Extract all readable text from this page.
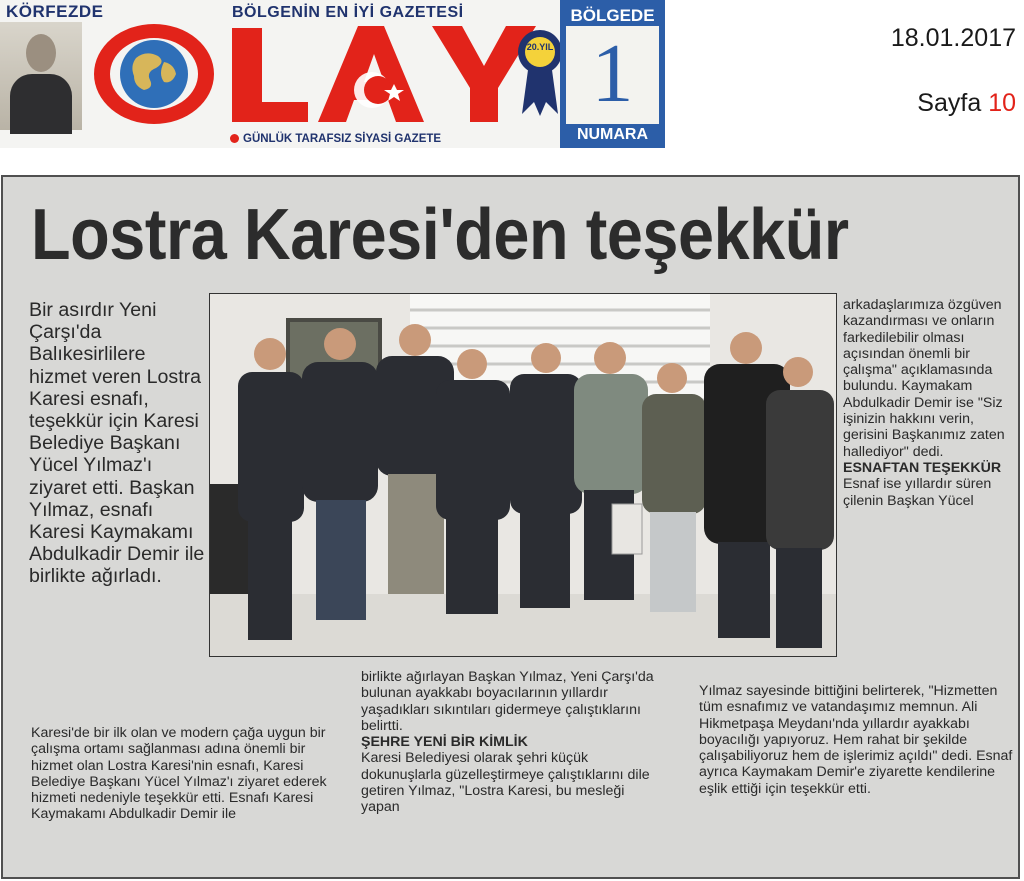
KÖRFEZDE	BÖLGENİN EN İYİ GAZETESİ
20.YIL
GÜNLÜK TARAFSIZ SİYASİ GAZETE
BÖLGEDE
1
NUMARA
18.01.2017
Sayfa 10
Lostra Karesi'den teşekkür
Bir asırdır Yeni Çarşı'da Balıkesirlilere hizmet veren Lostra Karesi esnafı, teşekkür için Karesi Belediye Başkanı Yücel Yılmaz'ı ziyaret etti. Başkan Yılmaz, esnafı Karesi Kaymakamı Abdulkadir Demir ile birlikte ağırladı.

arkadaşlarımıza özgüven kazandırması ve onların farkedilebilir olması açısından önemli bir çalışma" açıklamasında bulundu. Kaymakam Abdulkadir Demir ise "Siz işinizin hakkını verin, gerisini Başkanımız zaten hallediyor" dedi.

ESNAFTAN TEŞEKKÜR

Esnaf ise yıllardır süren çilenin Başkan Yücel

Karesi'de bir ilk olan ve modern çağa uygun bir çalışma ortamı sağlanması adına önemli bir hizmet olan Lostra Karesi'nin esnafı, Karesi Belediye Başkanı Yücel Yılmaz'ı ziyaret ederek hizmeti nedeniyle teşekkür etti. Esnafı Karesi Kaymakamı Abdulkadir Demir ile

birlikte ağırlayan Başkan Yılmaz, Yeni Çarşı'da bulunan ayakkabı boyacılarının yıllardır yaşadıkları sıkıntıları gidermeye çalıştıklarını belirtti.

ŞEHRE YENİ BİR KİMLİK

Karesi Belediyesi olarak şehri küçük dokunuşlarla güzelleştirmeye çalıştıklarını dile getiren Yılmaz, "Lostra Karesi, bu mesleği yapan

Yılmaz sayesinde bittiğini belirterek, "Hizmetten tüm esnafımız ve vatandaşımız memnun. Ali Hikmetpaşa Meydanı'nda yıllardır ayakkabı boyacılığı yapıyoruz. Hem rahat bir şekilde çalışabiliyoruz hem de işlerimiz açıldı" dedi. Esnaf ayrıca Kaymakam Demir'e ziyarette kendilerine eşlik ettiği için teşekkür etti.
